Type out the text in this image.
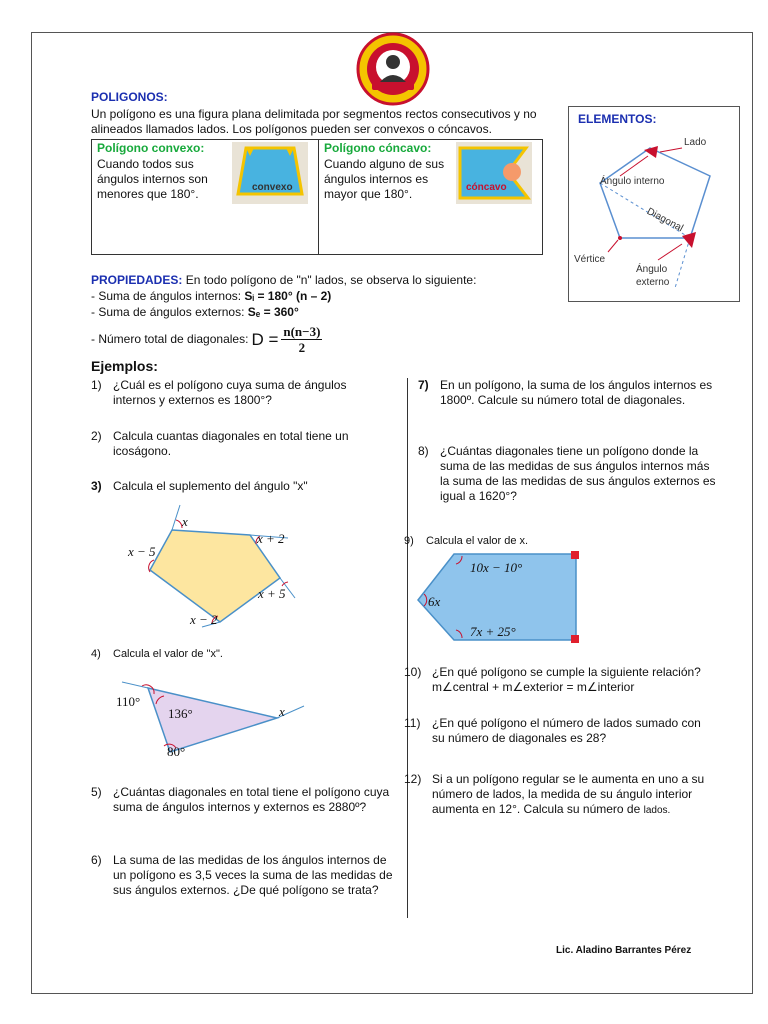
POLIGONOS:
Un polígono es una figura plana delimitada por segmentos rectos consecutivos y no alineados llamados lados. Los polígonos pueden ser convexos o cóncavos.
Polígono convexo:
Cuando todos sus ángulos internos son menores que 180°.	convexo
Polígono cóncavo:
Cuando alguno de sus ángulos internos es mayor que 180°.	cóncavo
ELEMENTOS:
Lado
Ángulo interno
Diagonal
Vértice
Ángulo
externo
PROPIEDADES: En todo polígono de "n" lados, se observa lo siguiente:
- Suma de ángulos internos: Sᵢ = 180° (n – 2)
- Suma de ángulos externos: Sₑ = 360°
- Número total de diagonales: $D = \frac{n(n-3)}{2}$
Ejemplos:
1) ¿Cuál es el polígono cuya suma de ángulos internos y externos es 1800°?
2) Calcula cuantas diagonales en total tiene un icoságono.
3) Calcula el suplemento del ángulo "x"
x
x + 2
x − 5
x + 5
x − 2
4)	Calcula el valor de "x".
110°
136°	x
80°
5) ¿Cuántas diagonales en total tiene el polígono cuya suma de ángulos internos y externos es 2880º?
6) La suma de las medidas de los ángulos internos de un polígono es 3,5 veces la suma de las medidas de sus ángulos externos. ¿De qué polígono se trata?
7) En un polígono, la suma de los ángulos internos es 1800º. Calcule su número total de diagonales.
8) ¿Cuántas diagonales tiene un polígono donde la suma de las medidas de sus ángulos internos más la suma de las medidas de sus ángulos externos es igual a 1620°?
9)	Calcula el valor de x.
10x − 10°
6x
7x + 25°
10) ¿En qué polígono se cumple la siguiente relación? m∠central + m∠exterior = m∠interior
11) ¿En qué polígono el número de lados sumado con su número de diagonales es 28?
12) Si a un polígono regular se le aumenta en uno a su número de lados, la medida de su ángulo interior aumenta en 12°. Calcula su número de lados.
Lic. Aladino Barrantes Pérez
